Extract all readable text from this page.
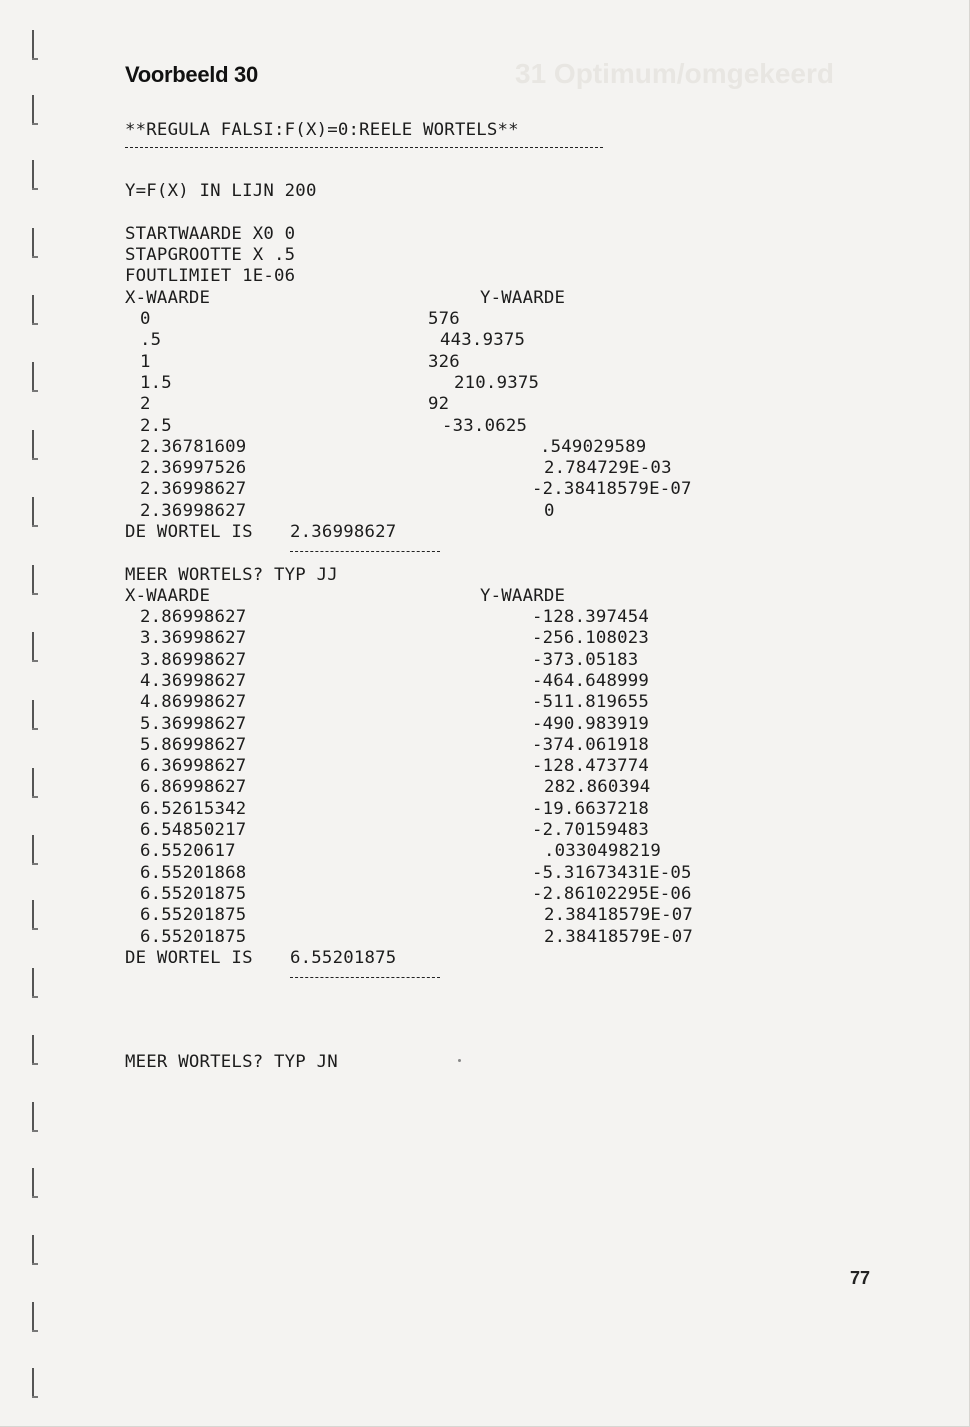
31 Optimum/omgekeerd
Voorbeeld 30
**REGULA FALSI:F(X)=0:REELE WORTELS**
Y=F(X) IN LIJN 200
STARTWAARDE X0 0
STAPGROOTTE X .5
FOUTLIMIET 1E-06
X-WAARDE	Y-WAARDE
0	576
.5	443.9375
1	326
1.5	210.9375
2	92
2.5	-33.0625
2.36781609	.549029589
2.36997526	2.784729E-03
2.36998627	-2.38418579E-07
2.36998627	0
DE WORTEL IS 2.36998627
MEER WORTELS? TYP JJ
X-WAARDE	Y-WAARDE
2.86998627	-128.397454
3.36998627	-256.108023
3.86998627	-373.05183
4.36998627	-464.648999
4.86998627	-511.819655
5.36998627	-490.983919
5.86998627	-374.061918
6.36998627	-128.473774
6.86998627	282.860394
6.52615342	-19.6637218
6.54850217	-2.70159483
6.5520617	.0330498219
6.55201868	-5.31673431E-05
6.55201875	-2.86102295E-06
6.55201875	2.38418579E-07
6.55201875	2.38418579E-07
DE WORTEL IS 6.55201875
MEER WORTELS? TYP JN
77
